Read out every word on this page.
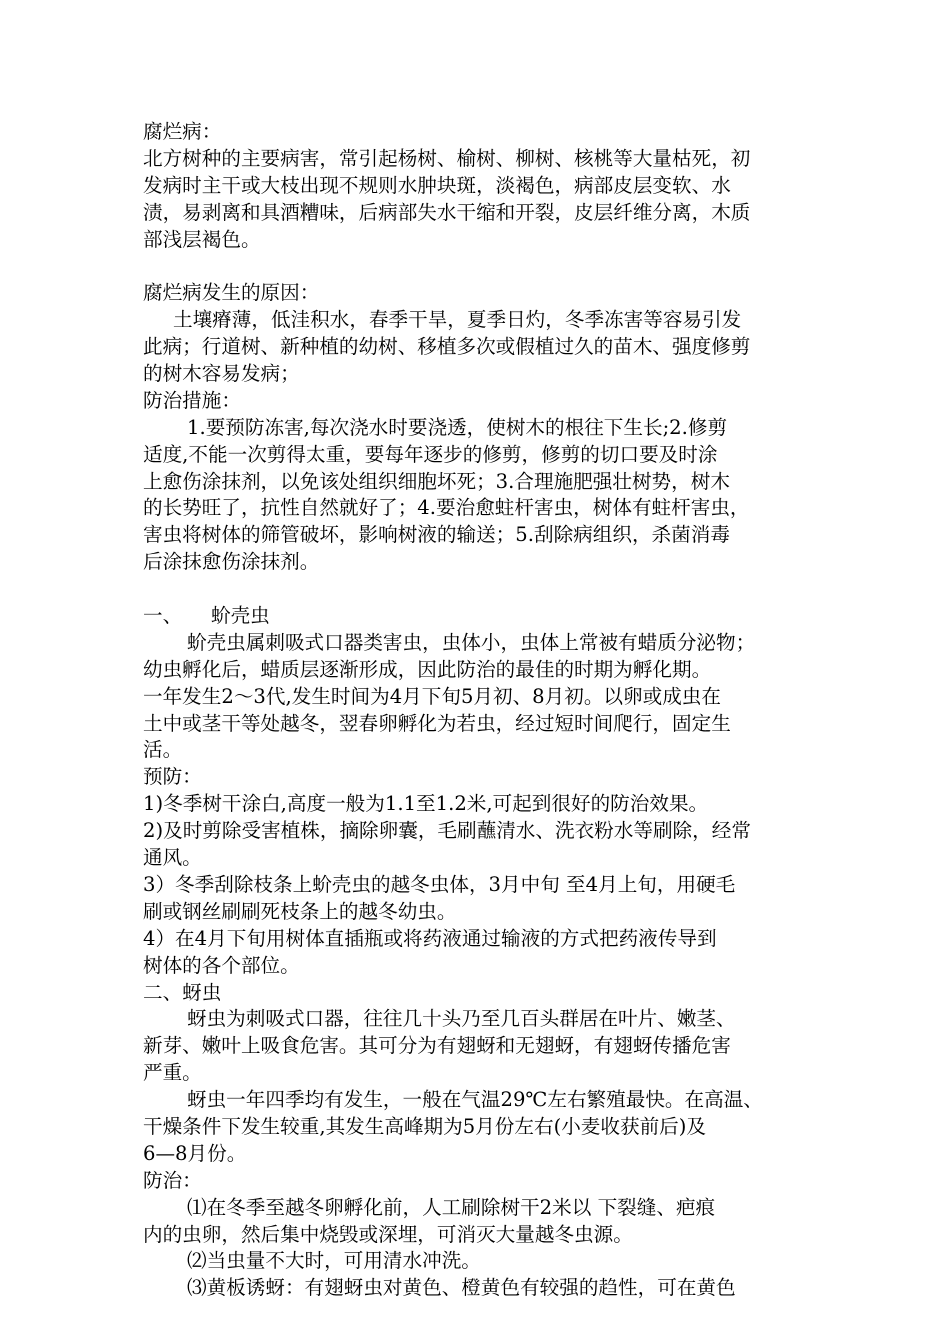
腐烂病：
北方树种的主要病害，常引起杨树、榆树、柳树、核桃等大量枯死，初
发病时主干或大枝出现不规则水肿块斑，淡褐色，病部皮层变软、水
渍，易剥离和具酒糟味，后病部失水干缩和开裂，皮层纤维分离，木质
部浅层褐色。
腐烂病发生的原因：
土壤瘠薄，低洼积水，春季干旱，夏季日灼，冬季冻害等容易引发
此病；行道树、新种植的幼树、移植多次或假植过久的苗木、强度修剪
的树木容易发病；
防治措施：
1.要预防冻害,每次浇水时要浇透，使树木的根往下生长;2.修剪
适度,不能一次剪得太重，要每年逐步的修剪，修剪的切口要及时涂
上愈伤涂抹剂，以免该处组织细胞坏死；3.合理施肥强壮树势，树木
的长势旺了，抗性自然就好了；4.要治愈蛀杆害虫，树体有蛀杆害虫，
害虫将树体的筛管破坏，影响树液的输送；5.刮除病组织，杀菌消毒
后涂抹愈伤涂抹剂。
一、 蚧壳虫
蚧壳虫属刺吸式口器类害虫，虫体小，虫体上常被有蜡质分泌物；
幼虫孵化后，蜡质层逐渐形成，因此防治的最佳的时期为孵化期。
一年发生2～3代,发生时间为4月下旬5月初、8月初。以卵或成虫在
土中或茎干等处越冬，翌春卵孵化为若虫，经过短时间爬行，固定生
活。
预防：
1)冬季树干涂白,高度一般为1.1至1.2米,可起到很好的防治效果。
2)及时剪除受害植株，摘除卵囊，毛刷蘸清水、洗衣粉水等刷除，经常
通风。
3）冬季刮除枝条上蚧壳虫的越冬虫体，3月中旬 至4月上旬，用硬毛
刷或钢丝刷刷死枝条上的越冬幼虫。
4）在4月下旬用树体直插瓶或将药液通过输液的方式把药液传导到
树体的各个部位。
二、蚜虫
蚜虫为刺吸式口器，往往几十头乃至几百头群居在叶片、嫩茎、
新芽、嫩叶上吸食危害。其可分为有翅蚜和无翅蚜，有翅蚜传播危害
严重。
蚜虫一年四季均有发生，一般在气温29℃左右繁殖最快。在高温、
干燥条件下发生较重,其发生高峰期为5月份左右(小麦收获前后)及
6—8月份。
防治：
⑴在冬季至越冬卵孵化前，人工刷除树干2米以 下裂缝、疤痕
内的虫卵，然后集中烧毁或深埋，可消灭大量越冬虫源。
⑵当虫量不大时，可用清水冲洗。
⑶黄板诱蚜：有翅蚜虫对黄色、橙黄色有较强的趋性，可在黄色
